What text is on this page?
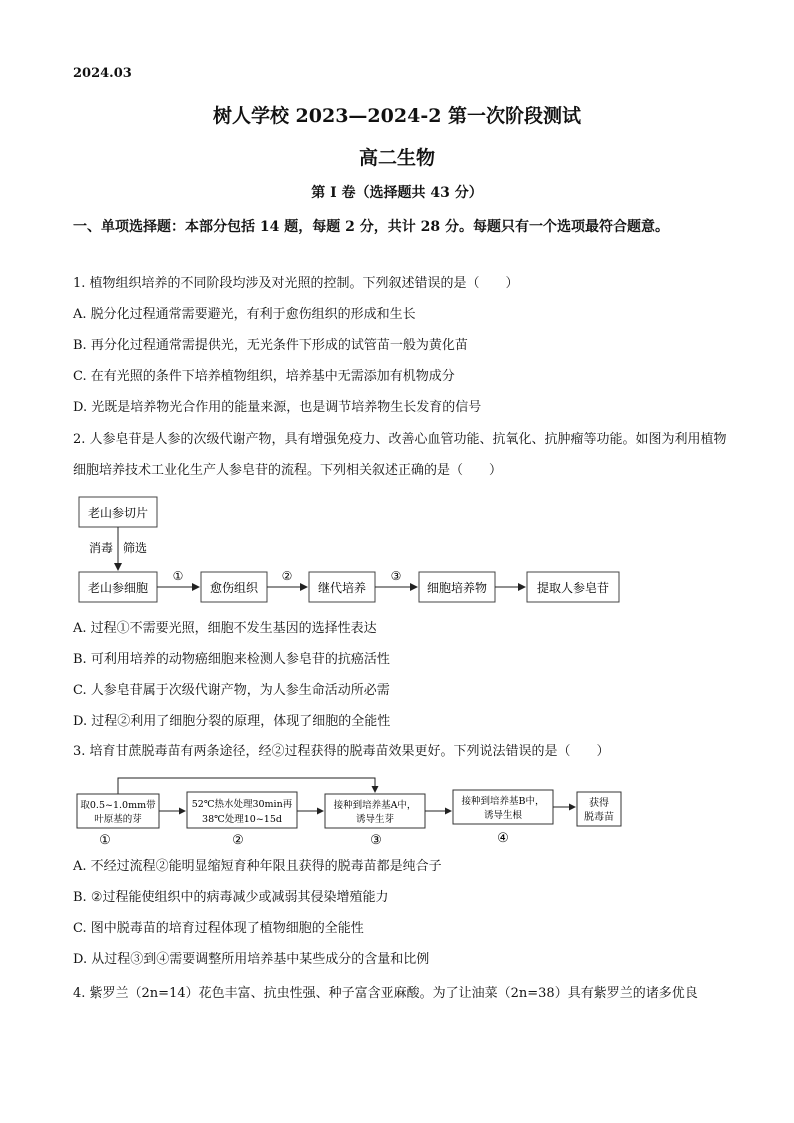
2024.03
树人学校 2023—2024-2 第一次阶段测试
高二生物
第 I 卷（选择题共 43 分）
一、单项选择题：本部分包括 14 题，每题 2 分，共计 28 分。每题只有一个选项最符合题意。
1. 植物组织培养的不同阶段均涉及对光照的控制。下列叙述错误的是（　　）
A. 脱分化过程通常需要避光，有利于愈伤组织的形成和生长
B. 再分化过程通常需提供光，无光条件下形成的试管苗一般为黄化苗
C. 在有光照的条件下培养植物组织，培养基中无需添加有机物成分
D. 光既是培养物光合作用的能量来源，也是调节培养物生长发育的信号
2. 人参皂苷是人参的次级代谢产物，具有增强免疫力、改善心血管功能、抗氧化、抗肿瘤等功能。如图为利用植物细胞培养技术工业化生产人参皂苷的流程。下列相关叙述正确的是（　　）
老山参切片
消毒 筛选
老山参细胞
①
愈伤组织
②
继代培养
③
细胞培养物	提取人参皂苷
A. 过程①不需要光照，细胞不发生基因的选择性表达
B. 可利用培养的动物癌细胞来检测人参皂苷的抗癌活性
C. 人参皂苷属于次级代谢产物，为人参生命活动所必需
D. 过程②利用了细胞分裂的原理，体现了细胞的全能性
3. 培育甘蔗脱毒苗有两条途径，经②过程获得的脱毒苗效果更好。下列说法错误的是（　　）
取0.5~1.0mm带
叶原基的芽
52℃热水处理30min再
38℃处理10~15d
接种到培养基A中，
诱导生芽
接种到培养基B中，
诱导生根
获得
脱毒苗
①	②	③	④
A. 不经过流程②能明显缩短育种年限且获得的脱毒苗都是纯合子
B. ②过程能使组织中的病毒减少或减弱其侵染增殖能力
C. 图中脱毒苗的培育过程体现了植物细胞的全能性
D. 从过程③到④需要调整所用培养基中某些成分的含量和比例
4. 紫罗兰（2n=14）花色丰富、抗虫性强、种子富含亚麻酸。为了让油菜（2n=38）具有紫罗兰的诸多优良
